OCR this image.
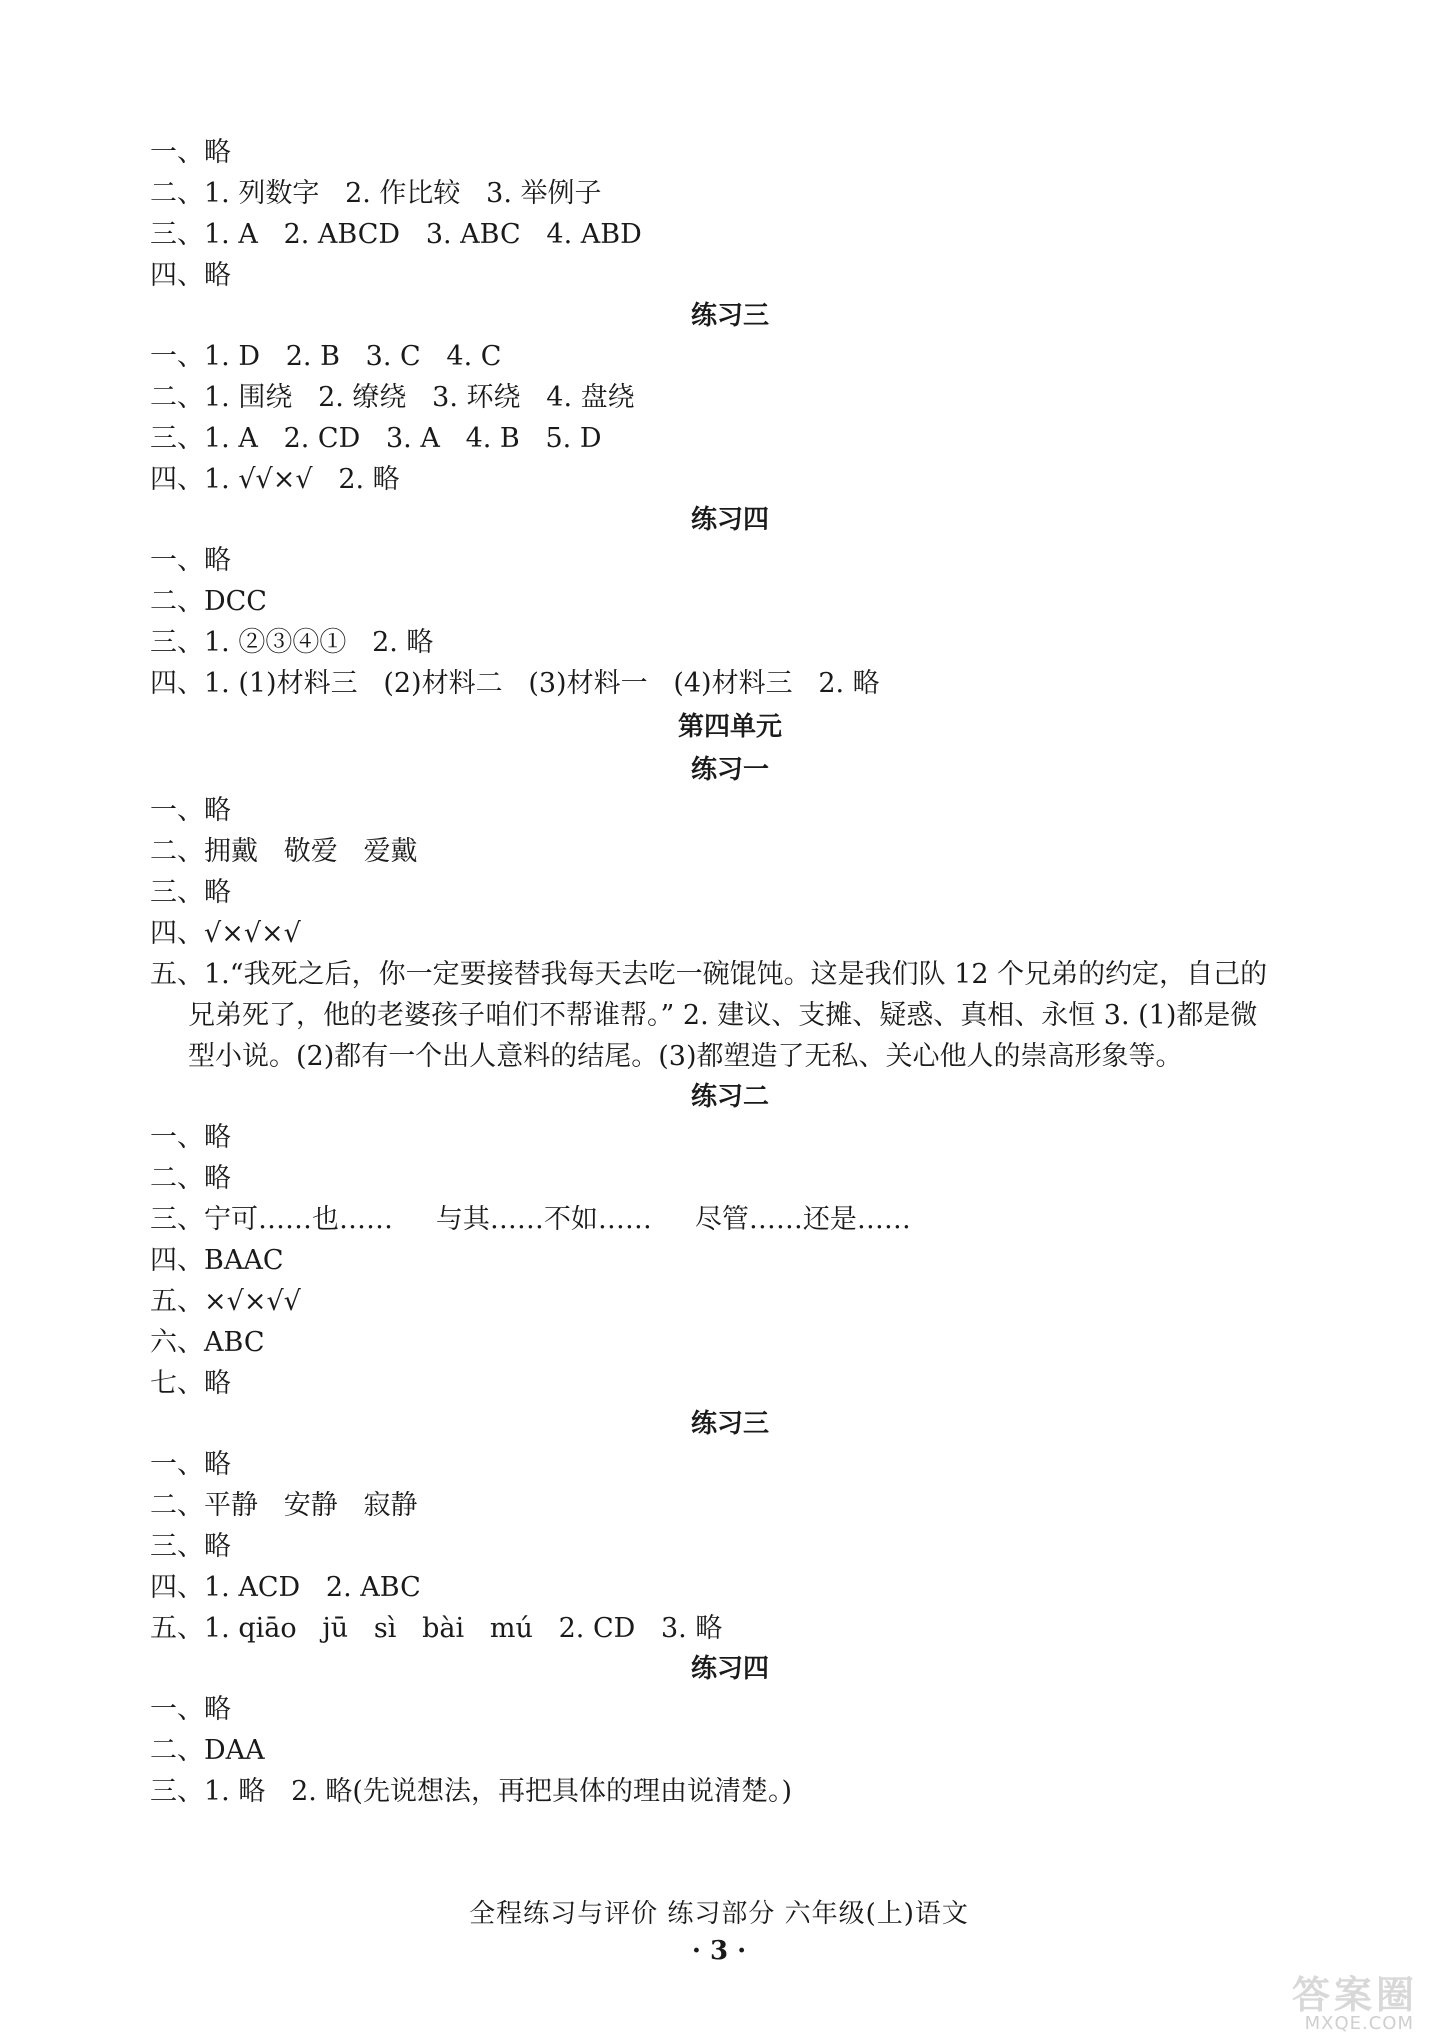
一、略
二、1. 列数字   2. 作比较   3. 举例子
三、1. A   2. ABCD   3. ABC   4. ABD
四、略
练习三
一、1. D   2. B   3. C   4. C
二、1. 围绕   2. 缭绕   3. 环绕   4. 盘绕
三、1. A   2. CD   3. A   4. B   5. D
四、1. √√×√   2. 略
练习四
一、略
二、DCC
三、1. ②③④①   2. 略
四、1. (1)材料三   (2)材料二   (3)材料一   (4)材料三   2. 略
第四单元
练习一
一、略
二、拥戴   敬爱   爱戴
三、略
四、√×√×√
五、1.“我死之后，你一定要接替我每天去吃一碗馄饨。这是我们队 12 个兄弟的约定，自己的
兄弟死了，他的老婆孩子咱们不帮谁帮。” 2. 建议、支摊、疑惑、真相、永恒 3. (1)都是微
型小说。(2)都有一个出人意料的结尾。(3)都塑造了无私、关心他人的崇高形象等。
练习二
一、略
二、略
三、宁可……也……     与其……不如……     尽管……还是……
四、BAAC
五、×√×√√
六、ABC
七、略
练习三
一、略
二、平静   安静   寂静
三、略
四、1. ACD   2. ABC
五、1. qiāo   jū   sì   bài   mú   2. CD   3. 略
练习四
一、略
二、DAA
三、1. 略   2. 略(先说想法，再把具体的理由说清楚。)
全程练习与评价 练习部分 六年级(上)语文
· 3 ·
答案圈
MXQE.COM
